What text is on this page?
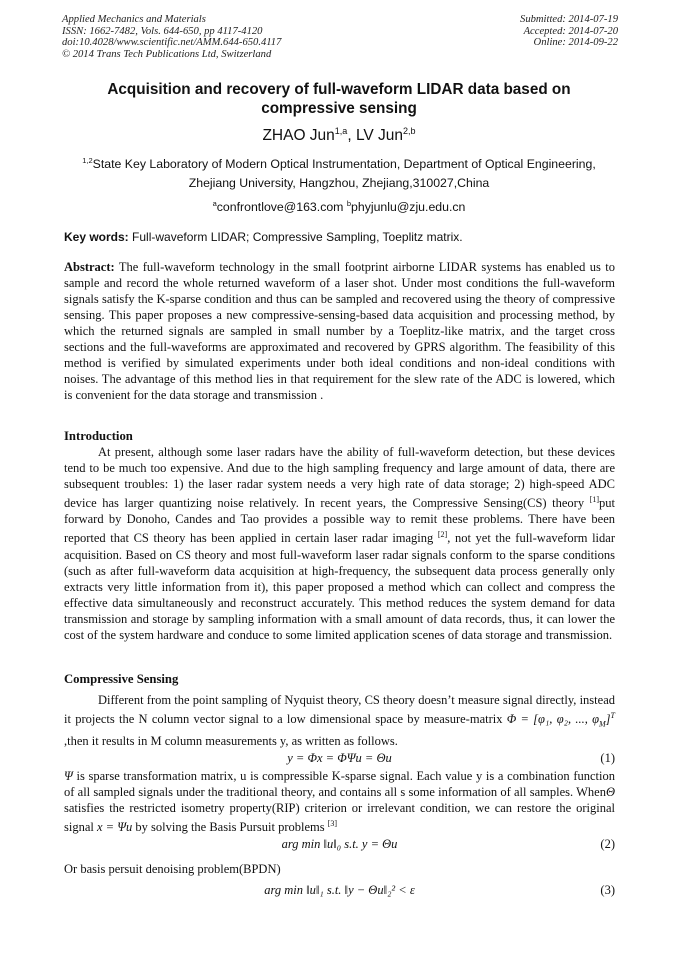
Applied Mechanics and Materials
ISSN: 1662-7482, Vols. 644-650, pp 4117-4120
doi:10.4028/www.scientific.net/AMM.644-650.4117
© 2014 Trans Tech Publications Ltd, Switzerland
Submitted: 2014-07-19
Accepted: 2014-07-20
Online: 2014-09-22
Acquisition and recovery of full-waveform LIDAR data based on
compressive sensing
ZHAO Jun$^{1,a}$, LV Jun$^{2,b}$
$^{1,2}$State Key Laboratory of Modern Optical Instrumentation, Department of Optical Engineering,
Zhejiang University, Hangzhou, Zhejiang,310027,China
$^a$confrontlove@163.com $^b$phyjunlu@zju.edu.cn
Key words: Full-waveform LIDAR; Compressive Sampling, Toeplitz matrix.
Abstract: The full-waveform technology in the small footprint airborne LIDAR systems has enabled us to sample and record the whole returned waveform of a laser shot. Under most conditions the full-waveform signals satisfy the K-sparse condition and thus can be sampled and recovered using the theory of compressive sensing. This paper proposes a new compressive-sensing-based data acquisition and processing method, by which the returned signals are sampled in small number by a Toeplitz-like matrix, and the target cross sections and the full-waveforms are approximated and recovered by GPRS algorithm. The feasibility of this method is verified by simulated experiments under both ideal conditions and non-ideal conditions with noises. The advantage of this method lies in that requirement for the slew rate of the ADC is lowered, which is convenient for the data storage and transmission .
Introduction
At present, although some laser radars have the ability of full-waveform detection, but these devices tend to be much too expensive. And due to the high sampling frequency and large amount of data, there are subsequent troubles: 1) the laser radar system needs a very high rate of data storage; 2) high-speed ADC device has larger quantizing noise relatively. In recent years, the Compressive Sensing(CS) theory [1]put forward by Donoho, Candes and Tao provides a possible way to remit these problems. There have been reported that CS theory has been applied in certain laser radar imaging [2], not yet the full-waveform lidar acquisition. Based on CS theory and most full-waveform laser radar signals conform to the sparse conditions (such as after full-waveform data acquisition at high-frequency, the subsequent data process generally only extracts very little information from it), this paper proposed a method which can collect and compress the effective data simultaneously and reconstruct accurately. This method reduces the system demand for data transmission and storage by sampling information with a small amount of data records, thus, it can lower the cost of the system hardware and conduce to some limited application scenes of data storage and transmission.
Compressive Sensing
Different from the point sampling of Nyquist theory, CS theory doesn’t measure signal directly, instead it projects the N column vector signal to a low dimensional space by measure-matrix Φ = [φ₁, φ₂, ..., $\varphi_M]^T$ ,then it results in M column measurements y, as written as follows.
y = Φx = ΦΨu = Θu	(1)
Ψ is sparse transformation matrix, u is compressible K-sparse signal. Each value y is a combination function of all sampled signals under the traditional theory, and contains all s some information of all samples. WhenΘ satisfies the restricted isometry property(RIP) criterion or irrelevant condition, we can restore the original signal x = Ψu by solving the Basis Pursuit problems [3]
arg min ‖u‖₀ s.t. y = Θu	(2)
Or basis persuit denoising problem(BPDN)
arg min ‖u‖₁ s.t. ‖y − Θu‖₂² < ε	(3)
